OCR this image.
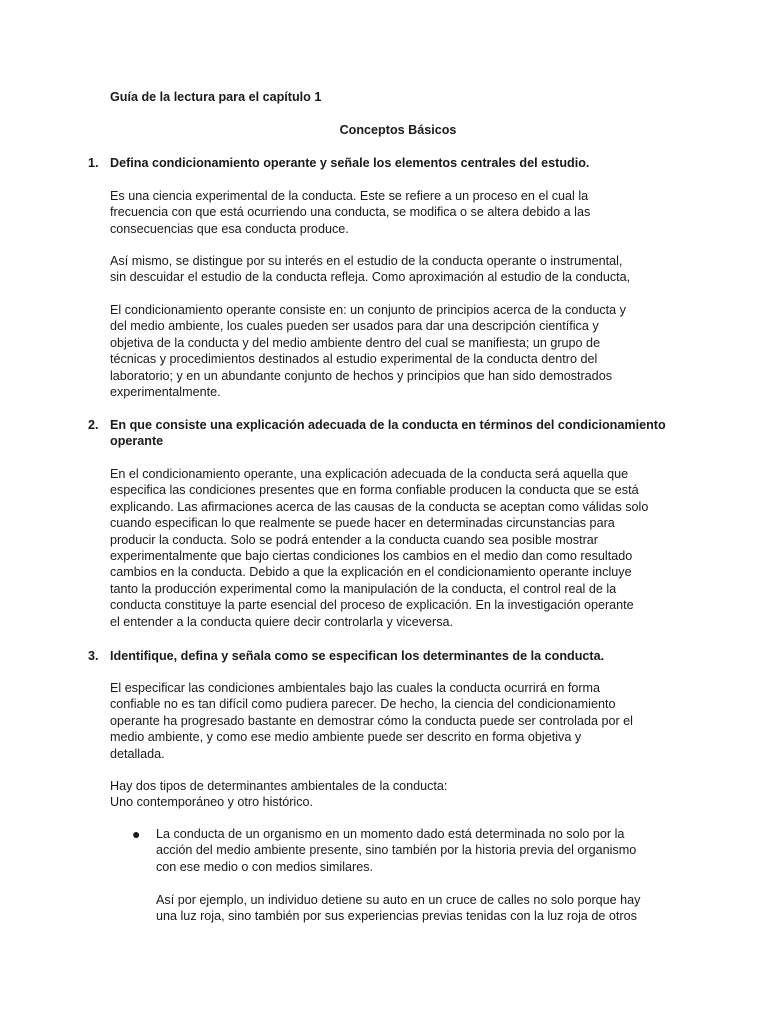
Guía de la lectura para el capítulo 1
Conceptos Básicos
1. Defina condicionamiento operante y señale los elementos centrales del estudio.

Es una ciencia experimental de la conducta. Este se refiere a un proceso en el cual la
frecuencia con que está ocurriendo una conducta, se modifica o se altera debido a las
consecuencias que esa conducta produce.

Así mismo, se distingue por su interés en el estudio de la conducta operante o instrumental,
sin descuidar el estudio de la conducta refleja. Como aproximación al estudio de la conducta,

El condicionamiento operante consiste en: un conjunto de principios acerca de la conducta y
del medio ambiente, los cuales pueden ser usados para dar una descripción científica y
objetiva de la conducta y del medio ambiente dentro del cual se manifiesta; un grupo de
técnicas y procedimientos destinados al estudio experimental de la conducta dentro del
laboratorio; y en un abundante conjunto de hechos y principios que han sido demostrados
experimentalmente.

2. En que consiste una explicación adecuada de la conducta en términos del condicionamiento
operante

En el condicionamiento operante, una explicación adecuada de la conducta será aquella que
especifica las condiciones presentes que en forma confiable producen la conducta que se está
explicando. Las afirmaciones acerca de las causas de la conducta se aceptan como válidas solo
cuando especifican lo que realmente se puede hacer en determinadas circunstancias para
producir la conducta. Solo se podrá entender a la conducta cuando sea posible mostrar
experimentalmente que bajo ciertas condiciones los cambios en el medio dan como resultado
cambios en la conducta. Debido a que la explicación en el condicionamiento operante incluye
tanto la producción experimental como la manipulación de la conducta, el control real de la
conducta constituye la parte esencial del proceso de explicación. En la investigación operante
el entender a la conducta quiere decir controlarla y viceversa.

3. Identifique, defina y señala como se especifican los determinantes de la conducta.

El especificar las condiciones ambientales bajo las cuales la conducta ocurrirá en forma
confiable no es tan difícil como pudiera parecer. De hecho, la ciencia del condicionamiento
operante ha progresado bastante en demostrar cómo la conducta puede ser controlada por el
medio ambiente, y como ese medio ambiente puede ser descrito en forma objetiva y
detallada.

Hay dos tipos de determinantes ambientales de la conducta:
Uno contemporáneo y otro histórico.

● La conducta de un organismo en un momento dado está determinada no solo por la
acción del medio ambiente presente, sino también por la historia previa del organismo
con ese medio o con medios similares.

Así por ejemplo, un individuo detiene su auto en un cruce de calles no solo porque hay
una luz roja, sino también por sus experiencias previas tenidas con la luz roja de otros
